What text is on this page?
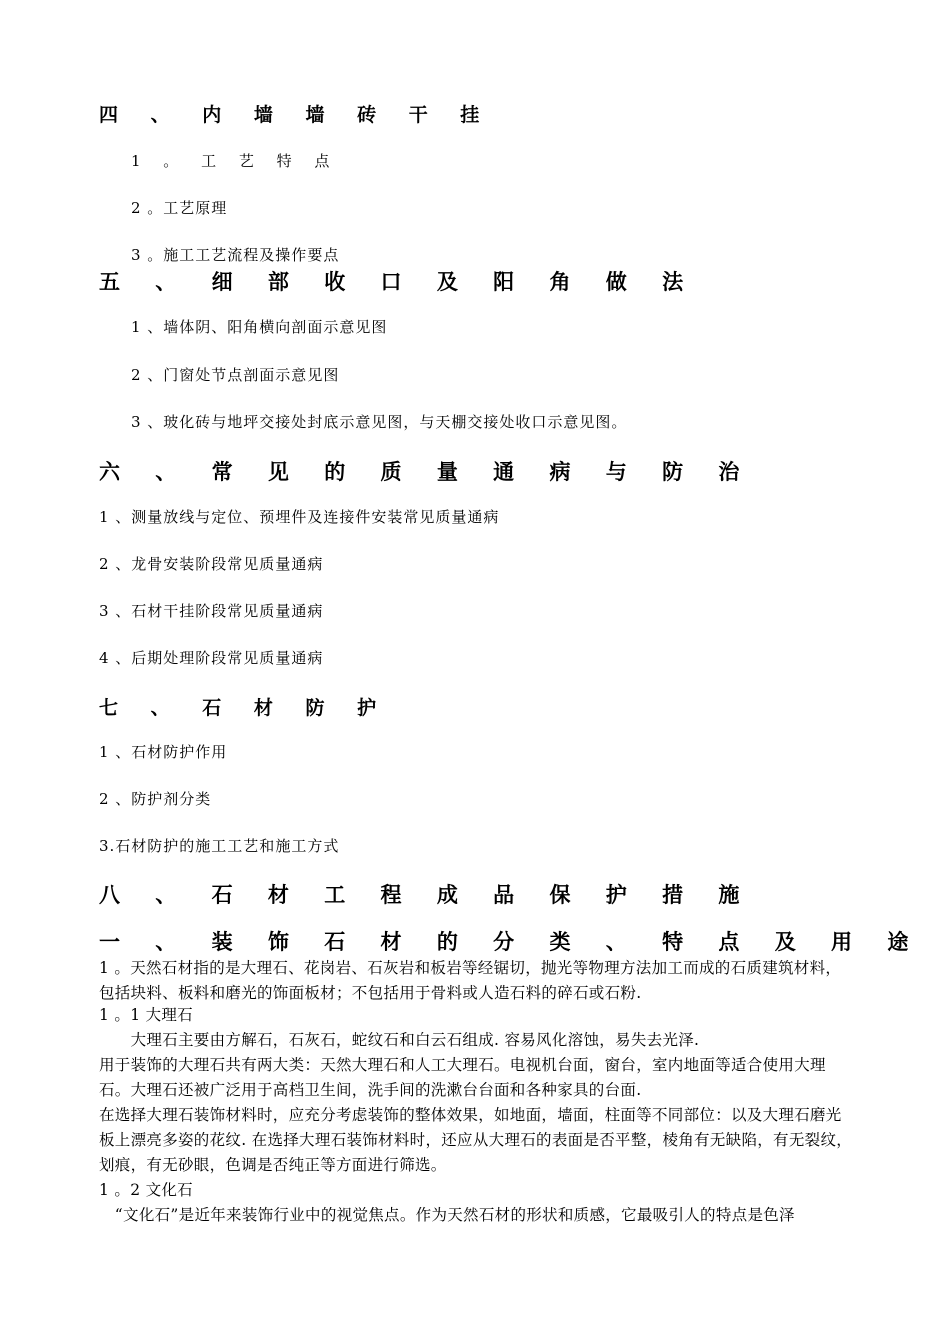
四 、 内 墙 墙 砖 干 挂
1 。 工 艺 特 点
2 。工艺原理
3 。施工工艺流程及操作要点
五 、 细 部 收 口 及 阳 角 做 法
1 、墙体阴、阳角横向剖面示意见图
2 、门窗处节点剖面示意见图
3 、玻化砖与地坪交接处封底示意见图，与天棚交接处收口示意见图。
六 、 常 见 的 质 量 通 病 与 防 治
1 、测量放线与定位、预埋件及连接件安装常见质量通病
2 、龙骨安装阶段常见质量通病
3 、石材干挂阶段常见质量通病
4 、后期处理阶段常见质量通病
七 、 石 材 防 护
1 、石材防护作用
2 、防护剂分类
3.石材防护的施工工艺和施工方式
八 、 石 材 工 程 成 品 保 护 措 施
一 、 装 饰 石 材 的 分 类 、 特 点 及 用 途
1 。天然石材指的是大理石、花岗岩、石灰岩和板岩等经锯切，抛光等物理方法加工而成的石质建筑材料，包括块料、板料和磨光的饰面板材；不包括用于骨料或人造石料的碎石或石粉.
1 。1 大理石
　　大理石主要由方解石，石灰石，蛇纹石和白云石组成. 容易风化溶蚀，易失去光泽.
用于装饰的大理石共有两大类：天然大理石和人工大理石。电视机台面，窗台，室内地面等适合使用大理石。大理石还被广泛用于高档卫生间，洗手间的洗漱台台面和各种家具的台面.
在选择大理石装饰材料时，应充分考虑装饰的整体效果，如地面，墙面，柱面等不同部位：以及大理石磨光板上漂亮多姿的花纹. 在选择大理石装饰材料时，还应从大理石的表面是否平整，棱角有无缺陷，有无裂纹，划痕，有无砂眼，色调是否纯正等方面进行筛选。
1 。2 文化石
　“文化石”是近年来装饰行业中的视觉焦点。作为天然石材的形状和质感，它最吸引人的特点是色泽
